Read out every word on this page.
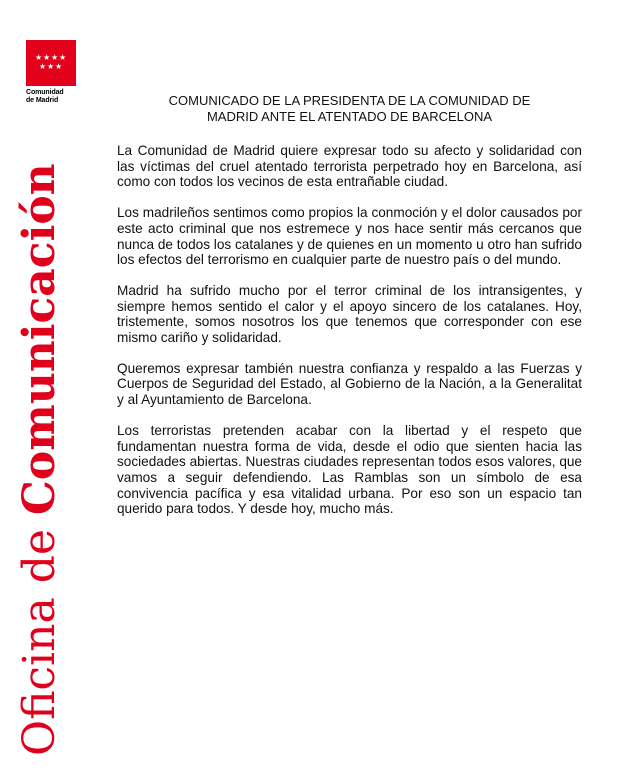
★ ★ ★ ★
★ ★ ★
Comunidad
de Madrid
Oficina de Comunicación
COMUNICADO DE LA PRESIDENTA DE LA COMUNIDAD DE
MADRID ANTE EL ATENTADO DE BARCELONA

La Comunidad de Madrid quiere expresar todo su afecto y solidaridad con las víctimas del cruel atentado terrorista perpetrado hoy en Barcelona, así como con todos los vecinos de esta entrañable ciudad.

Los madrileños sentimos como propios la conmoción y el dolor causados por este acto criminal que nos estremece y nos hace sentir más cercanos que nunca de todos los catalanes y de quienes en un momento u otro han sufrido los efectos del terrorismo en cualquier parte de nuestro país o del mundo.

Madrid ha sufrido mucho por el terror criminal de los intransigentes, y siempre hemos sentido el calor y el apoyo sincero de los catalanes. Hoy, tristemente, somos nosotros los que tenemos que corresponder con ese mismo cariño y solidaridad.

Queremos expresar también nuestra confianza y respaldo a las Fuerzas y Cuerpos de Seguridad del Estado, al Gobierno de la Nación, a la Generalitat y al Ayuntamiento de Barcelona.

Los terroristas pretenden acabar con la libertad y el respeto que fundamentan nuestra forma de vida, desde el odio que sienten hacia las sociedades abiertas. Nuestras ciudades representan todos esos valores, que vamos a seguir defendiendo. Las Ramblas son un símbolo de esa convivencia pacífica y esa vitalidad urbana. Por eso son un espacio tan querido para todos. Y desde hoy, mucho más.
